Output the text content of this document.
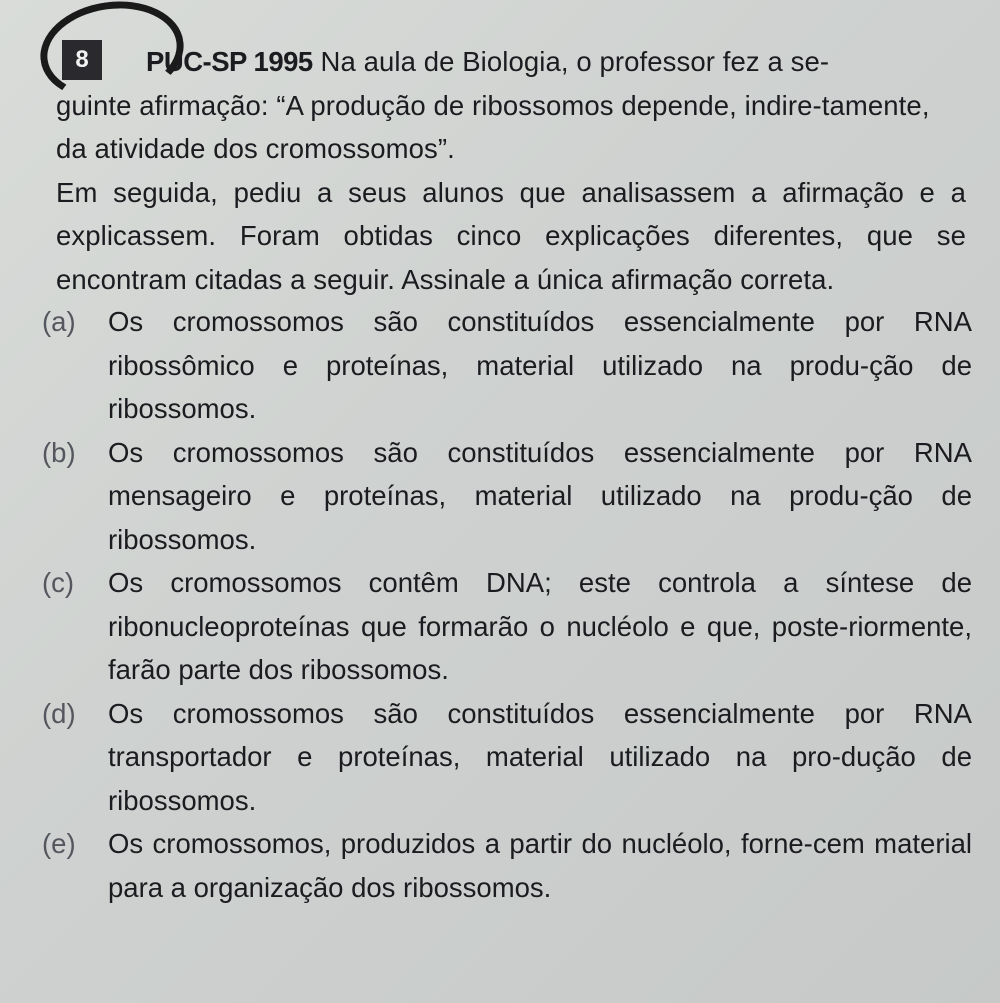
8	PUC-SP 1995 Na aula de Biologia, o professor fez a se-
guinte afirmação: “A produção de ribossomos depende, indire-tamente, da atividade dos cromossomos”.

Em seguida, pediu a seus alunos que analisassem a afirmação e a explicassem. Foram obtidas cinco explicações diferentes, que se encontram citadas a seguir. Assinale a única afirmação correta.

(a) Os cromossomos são constituídos essencialmente por RNA ribossômico e proteínas, material utilizado na produ-ção de ribossomos.
(b) Os cromossomos são constituídos essencialmente por RNA mensageiro e proteínas, material utilizado na produ-ção de ribossomos.
(c) Os cromossomos contêm DNA; este controla a síntese de ribonucleoproteínas que formarão o nucléolo e que, poste-riormente, farão parte dos ribossomos.
(d) Os cromossomos são constituídos essencialmente por RNA transportador e proteínas, material utilizado na pro-dução de ribossomos.
(e) Os cromossomos, produzidos a partir do nucléolo, forne-cem material para a organização dos ribossomos.
